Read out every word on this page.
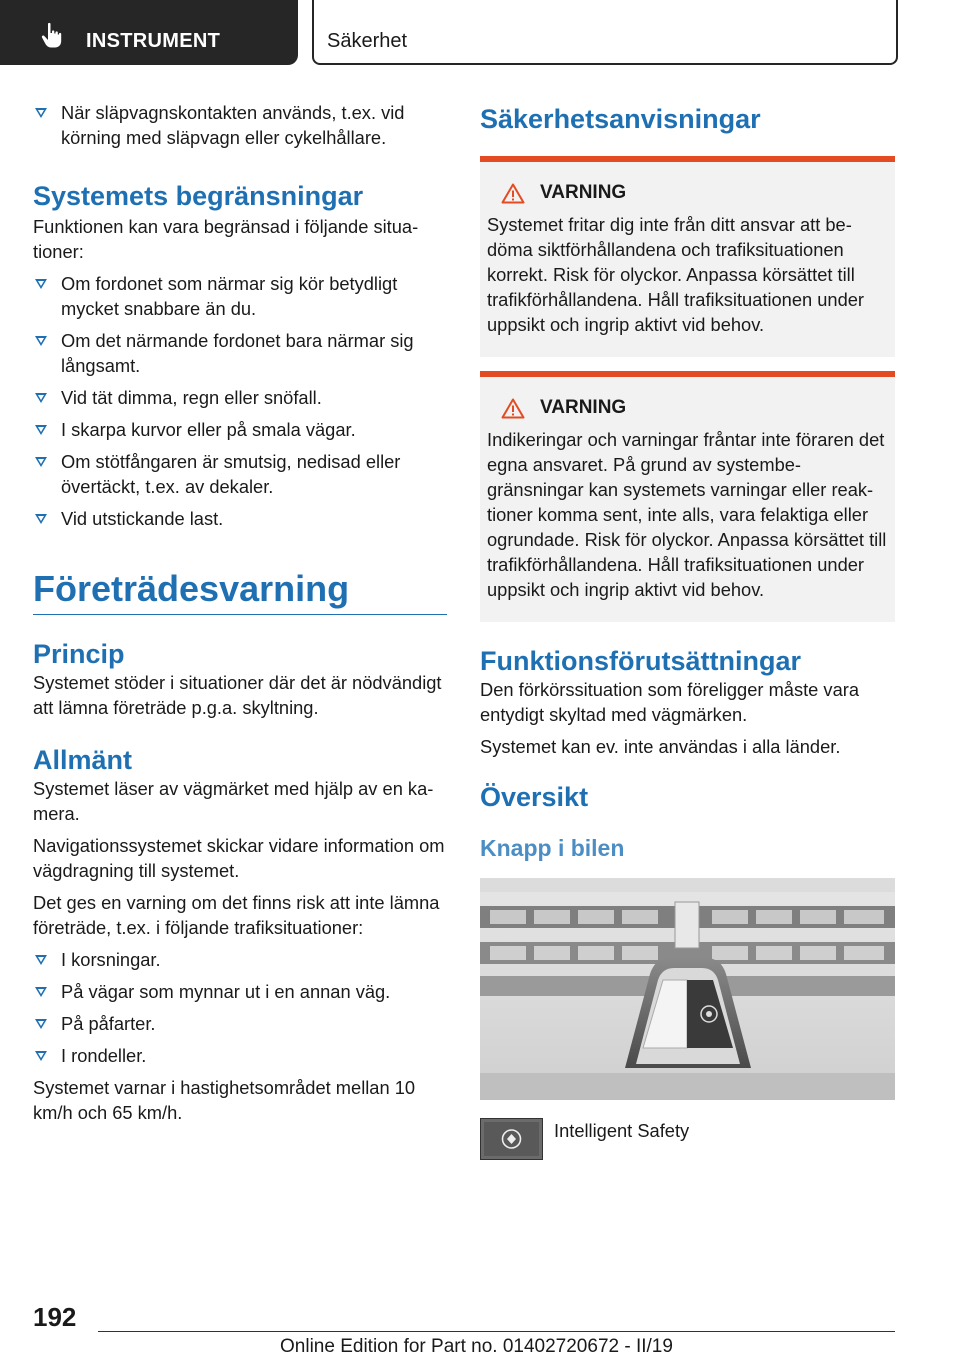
INSTRUMENT	Säkerhet
När släpvagnskontakten används, t.ex. vid körning med släpvagn eller cykelhållare.
Systemets begränsningar

Funktionen kan vara begränsad i följande situationer:

Om fordonet som närmar sig kör betydligt mycket snabbare än du.
Om det närmande fordonet bara närmar sig långsamt.
Vid tät dimma, regn eller snöfall.
I skarpa kurvor eller på smala vägar.
Om stötfångaren är smutsig, nedisad eller övertäckt, t.ex. av dekaler.
Vid utstickande last.
Företrädesvarning
Princip

Systemet stöder i situationer där det är nödvändigt att lämna företräde p.g.a. skyltning.

Allmänt

Systemet läser av vägmärket med hjälp av en kamera.

Navigationssystemet skickar vidare information om vägdragning till systemet.

Det ges en varning om det finns risk att inte lämna företräde, t.ex. i följande trafiksituationer:

I korsningar.
På vägar som mynnar ut i en annan väg.
På påfarter.
I rondeller.

Systemet varnar i hastighetsområdet mellan 10 km/h och 65 km/h.

Säkerhetsanvisningar
VARNING

Systemet fritar dig inte från ditt ansvar att bedöma siktförhållandena och trafiksituationen korrekt. Risk för olyckor. Anpassa körsättet till trafikförhållandena. Håll trafiksituationen under uppsikt och ingrip aktivt vid behov.

VARNING

Indikeringar och varningar fråntar inte föraren det egna ansvaret. På grund av systembegränsningar kan systemets varningar eller reaktioner komma sent, inte alls, vara felaktiga eller ogrundade. Risk för olyckor. Anpassa körsättet till trafikförhållandena. Håll trafiksituationen under uppsikt och ingrip aktivt vid behov.

Funktionsförutsättningar

Den förkörssituation som föreligger måste vara entydigt skyltad med vägmärken.

Systemet kan ev. inte användas i alla länder.

Översikt
Knapp i bilen

Intelligent Safety

192
Online Edition for Part no. 01402720672 - II/19
